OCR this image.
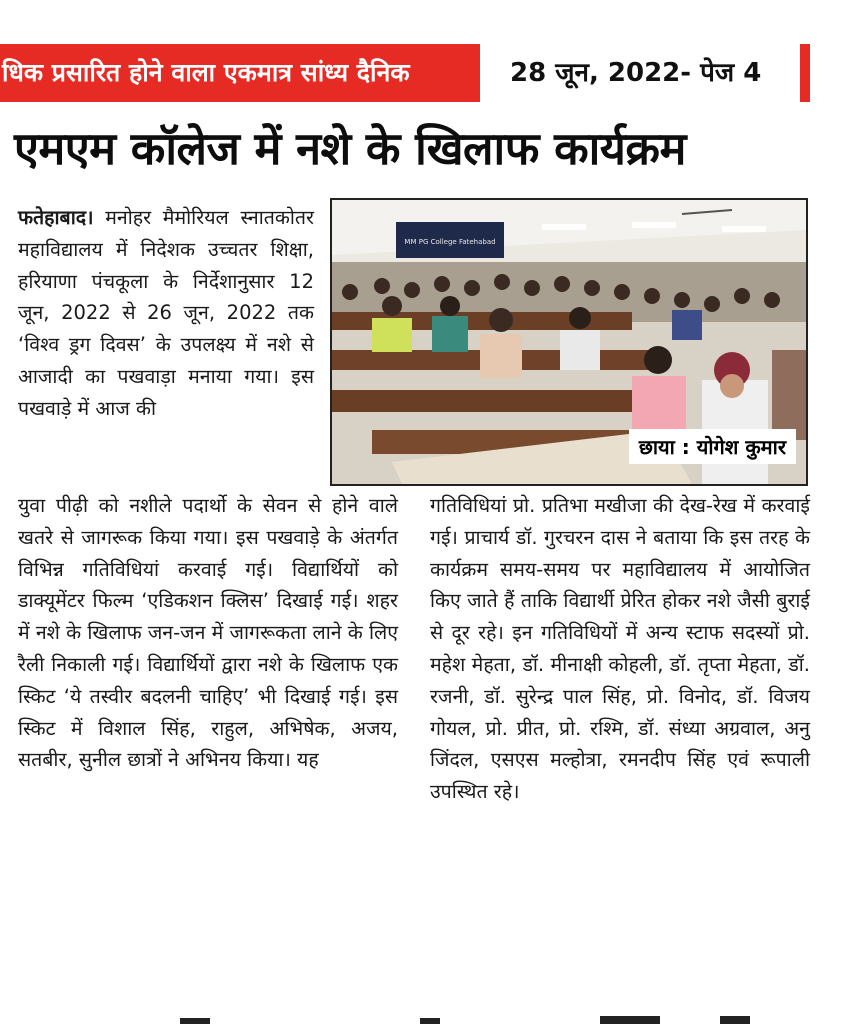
धिक प्रसारित होने वाला एकमात्र सांध्य दैनिक	28 जून, 2022- पेज 4
एमएम कॉलेज में नशे के खिलाफ कार्यक्रम
फतेहाबाद। मनोहर मैमोरियल स्नातकोतर महाविद्यालय में निदेशक उच्चतर शिक्षा, हरियाणा पंचकूला के निर्देशानुसार 12 जून, 2022 से 26 जून, 2022 तक ‘विश्व ड्रग दिवस’ के उपलक्ष्य में नशे से आजादी का पखवाड़ा मनाया गया। इस पखवाड़े में आज की
MM PG College Fatehabad
छाया : योगेश कुमार
युवा पीढ़ी को नशीले पदार्थो के सेवन से होने वाले खतरे से जागरूक किया गया। इस पखवाड़े के अंतर्गत विभिन्न गतिविधियां करवाई गई। विद्यार्थियों को डाक्यूमेंटर फिल्म ‘एडिकशन क्लिस’ दिखाई गई। शहर में नशे के खिलाफ जन-जन में जागरूकता लाने के लिए रैली निकाली गई। विद्यार्थियों द्वारा नशे के खिलाफ एक स्किट ‘ये तस्वीर बदलनी चाहिए’ भी दिखाई गई। इस स्किट में विशाल सिंह, राहुल, अभिषेक, अजय, सतबीर, सुनील छात्रों ने अभिनय किया। यह
गतिविधियां प्रो. प्रतिभा मखीजा की देख-रेख में करवाई गई। प्राचार्य डॉ. गुरचरन दास ने बताया कि इस तरह के कार्यक्रम समय-समय पर महाविद्यालय में आयोजित किए जाते हैं ताकि विद्यार्थी प्रेरित होकर नशे जैसी बुराई से दूर रहे। इन गतिविधियों में अन्य स्टाफ सदस्यों प्रो. महेश मेहता, डॉ. मीनाक्षी कोहली, डॉ. तृप्ता मेहता, डॉ. रजनी, डॉ. सुरेन्द्र पाल सिंह, प्रो. विनोद, डॉ. विजय गोयल, प्रो. प्रीत, प्रो. रश्मि, डॉ. संध्या अग्रवाल, अनु जिंदल, एसएस मल्होत्रा, रमनदीप सिंह एवं रूपाली उपस्थित रहे।
